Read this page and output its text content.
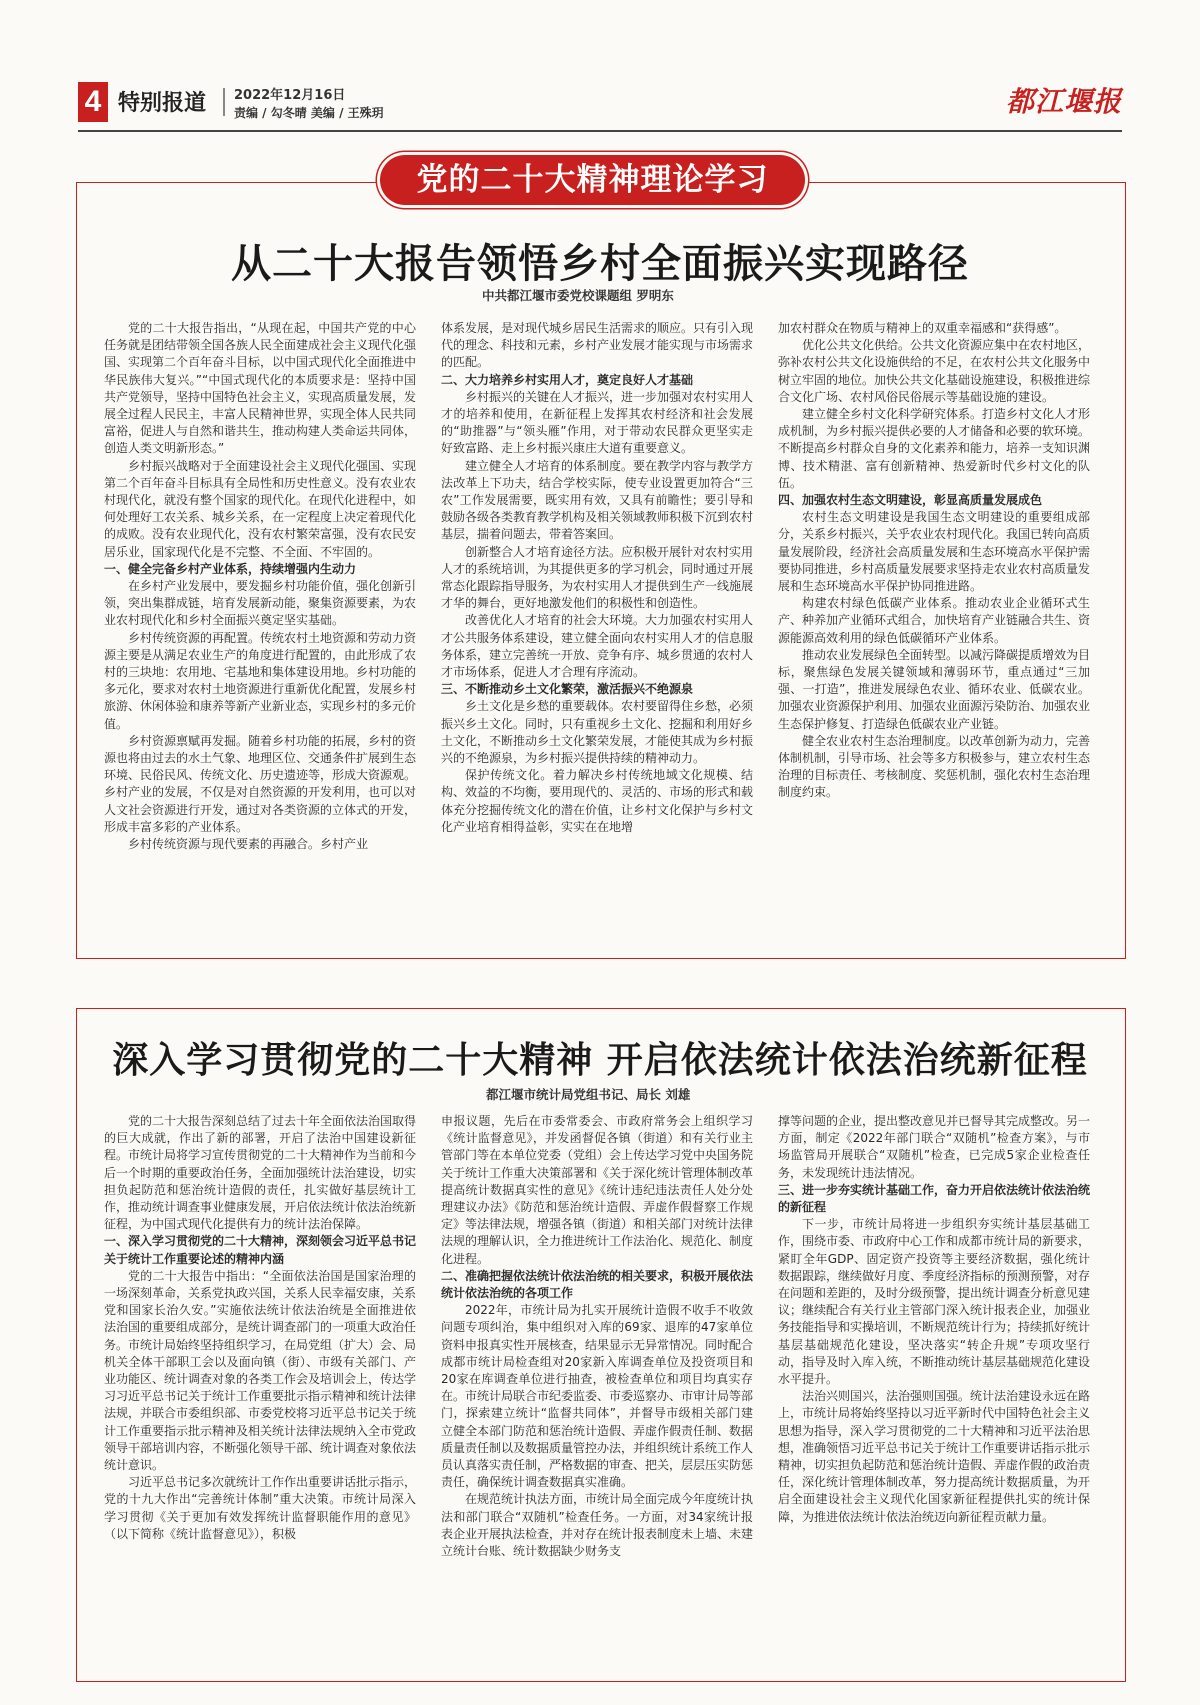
4 特别报道 2022年12月16日
责编 / 勾冬晴 美编 / 王殊玥	都江堰报
党的二十大精神理论学习
从二十大报告领悟乡村全面振兴实现路径
中共都江堰市委党校课题组 罗明东

党的二十大报告指出，“从现在起，中国共产党的中心任务就是团结带领全国各族人民全面建成社会主义现代化强国、实现第二个百年奋斗目标，以中国式现代化全面推进中华民族伟大复兴。”“中国式现代化的本质要求是：坚持中国共产党领导，坚持中国特色社会主义，实现高质量发展，发展全过程人民民主，丰富人民精神世界，实现全体人民共同富裕，促进人与自然和谐共生，推动构建人类命运共同体，创造人类文明新形态。”

乡村振兴战略对于全面建设社会主义现代化强国、实现第二个百年奋斗目标具有全局性和历史性意义。没有农业农村现代化，就没有整个国家的现代化。在现代化进程中，如何处理好工农关系、城乡关系，在一定程度上决定着现代化的成败。没有农业现代化，没有农村繁荣富强，没有农民安居乐业，国家现代化是不完整、不全面、不牢固的。

一、健全完备乡村产业体系，持续增强内生动力

在乡村产业发展中，要发掘乡村功能价值，强化创新引领，突出集群成链，培育发展新动能，聚集资源要素，为农业农村现代化和乡村全面振兴奠定坚实基础。

乡村传统资源的再配置。传统农村土地资源和劳动力资源主要是从满足农业生产的角度进行配置的，由此形成了农村的三块地：农用地、宅基地和集体建设用地。乡村功能的多元化，要求对农村土地资源进行重新优化配置，发展乡村旅游、休闲体验和康养等新产业新业态，实现乡村的多元价值。

乡村资源禀赋再发掘。随着乡村功能的拓展，乡村的资源也将由过去的水土气象、地理区位、交通条件扩展到生态环境、民俗民风、传统文化、历史遗迹等，形成大资源观。乡村产业的发展，不仅是对自然资源的开发利用，也可以对人文社会资源进行开发，通过对各类资源的立体式的开发，形成丰富多彩的产业体系。

乡村传统资源与现代要素的再融合。乡村产业

体系发展，是对现代城乡居民生活需求的顺应。只有引入现代的理念、科技和元素，乡村产业发展才能实现与市场需求的匹配。

二、大力培养乡村实用人才，奠定良好人才基础

乡村振兴的关键在人才振兴，进一步加强对农村实用人才的培养和使用，在新征程上发挥其农村经济和社会发展的“助推器”与“领头雁”作用，对于带动农民群众更坚实走好致富路、走上乡村振兴康庄大道有重要意义。

建立健全人才培育的体系制度。要在教学内容与教学方法改革上下功夫，结合学校实际，使专业设置更加符合“三农”工作发展需要，既实用有效，又具有前瞻性；要引导和鼓励各级各类教育教学机构及相关领域教师积极下沉到农村基层，揣着问题去，带着答案回。

创新整合人才培育途径方法。应积极开展针对农村实用人才的系统培训，为其提供更多的学习机会，同时通过开展常态化跟踪指导服务，为农村实用人才提供到生产一线施展才华的舞台，更好地激发他们的积极性和创造性。

改善优化人才培育的社会大环境。大力加强农村实用人才公共服务体系建设，建立健全面向农村实用人才的信息服务体系，建立完善统一开放、竞争有序、城乡贯通的农村人才市场体系，促进人才合理有序流动。

三、不断推动乡土文化繁荣，激活振兴不绝源泉

乡土文化是乡愁的重要载体。农村要留得住乡愁，必须振兴乡土文化。同时，只有重视乡土文化、挖掘和利用好乡土文化，不断推动乡土文化繁荣发展，才能使其成为乡村振兴的不绝源泉，为乡村振兴提供持续的精神动力。

保护传统文化。着力解决乡村传统地域文化规模、结构、效益的不均衡，要用现代的、灵活的、市场的形式和载体充分挖掘传统文化的潜在价值，让乡村文化保护与乡村文化产业培育相得益彰，实实在在地增

加农村群众在物质与精神上的双重幸福感和“获得感”。

优化公共文化供给。公共文化资源应集中在农村地区，弥补农村公共文化设施供给的不足，在农村公共文化服务中树立牢固的地位。加快公共文化基础设施建设，积极推进综合文化广场、农村风俗民俗展示等基础设施的建设。

建立健全乡村文化科学研究体系。打造乡村文化人才形成机制，为乡村振兴提供必要的人才储备和必要的软环境。不断提高乡村群众自身的文化素养和能力，培养一支知识渊博、技术精湛、富有创新精神、热爱新时代乡村文化的队伍。

四、加强农村生态文明建设，彰显高质量发展成色

农村生态文明建设是我国生态文明建设的重要组成部分，关系乡村振兴，关乎农业农村现代化。我国已转向高质量发展阶段，经济社会高质量发展和生态环境高水平保护需要协同推进，乡村高质量发展要求坚持走农业农村高质量发展和生态环境高水平保护协同推进路。

构建农村绿色低碳产业体系。推动农业企业循环式生产、种养加产业循环式组合，加快培育产业链融合共生、资源能源高效利用的绿色低碳循环产业体系。

推动农业发展绿色全面转型。以减污降碳提质增效为目标，聚焦绿色发展关键领域和薄弱环节，重点通过“三加强、一打造”，推进发展绿色农业、循环农业、低碳农业。加强农业资源保护利用、加强农业面源污染防治、加强农业生态保护修复、打造绿色低碳农业产业链。

健全农业农村生态治理制度。以改革创新为动力，完善体制机制，引导市场、社会等多方积极参与，建立农村生态治理的目标责任、考核制度、奖惩机制，强化农村生态治理制度约束。

深入学习贯彻党的二十大精神 开启依法统计依法治统新征程
都江堰市统计局党组书记、局长 刘雄

党的二十大报告深刻总结了过去十年全面依法治国取得的巨大成就，作出了新的部署，开启了法治中国建设新征程。市统计局将学习宣传贯彻党的二十大精神作为当前和今后一个时期的重要政治任务，全面加强统计法治建设，切实担负起防范和惩治统计造假的责任，扎实做好基层统计工作，推动统计调查事业健康发展，开启依法统计依法治统新征程，为中国式现代化提供有力的统计法治保障。

一、深入学习贯彻党的二十大精神，深刻领会习近平总书记关于统计工作重要论述的精神内涵

党的二十大报告中指出：“全面依法治国是国家治理的一场深刻革命，关系党执政兴国，关系人民幸福安康，关系党和国家长治久安。”实施依法统计依法治统是全面推进依法治国的重要组成部分，是统计调查部门的一项重大政治任务。市统计局始终坚持组织学习，在局党组（扩大）会、局机关全体干部职工会以及面向镇（街）、市级有关部门、产业功能区、统计调查对象的各类工作会及培训会上，传达学习习近平总书记关于统计工作重要批示指示精神和统计法律法规，并联合市委组织部、市委党校将习近平总书记关于统计工作重要指示批示精神及相关统计法律法规纳入全市党政领导干部培训内容，不断强化领导干部、统计调查对象依法统计意识。

习近平总书记多次就统计工作作出重要讲话批示指示，党的十九大作出“完善统计体制”重大决策。市统计局深入学习贯彻《关于更加有效发挥统计监督职能作用的意见》（以下简称《统计监督意见》），积极

申报议题，先后在市委常委会、市政府常务会上组织学习《统计监督意见》，并发函督促各镇（街道）和有关行业主管部门等在本单位党委（党组）会上传达学习党中央国务院关于统计工作重大决策部署和《关于深化统计管理体制改革提高统计数据真实性的意见》《统计违纪违法责任人处分处理建议办法》《防范和惩治统计造假、弄虚作假督察工作规定》等法律法规，增强各镇（街道）和相关部门对统计法律法规的理解认识，全力推进统计工作法治化、规范化、制度化进程。

二、准确把握依法统计依法治统的相关要求，积极开展依法统计依法治统的各项工作

2022年，市统计局为扎实开展统计造假不收手不收敛问题专项纠治，集中组织对入库的69家、退库的47家单位资料申报真实性开展核查，结果显示无异常情况。同时配合成都市统计局检查组对20家新入库调查单位及投资项目和20家在库调查单位进行抽查，被检查单位和项目均真实存在。市统计局联合市纪委监委、市委巡察办、市审计局等部门，探索建立统计“监督共同体”，并督导市级相关部门建立健全本部门防范和惩治统计造假、弄虚作假责任制、数据质量责任制以及数据质量管控办法，并组织统计系统工作人员认真落实责任制，严格数据的审查、把关，层层压实防惩责任，确保统计调查数据真实准确。

在规范统计执法方面，市统计局全面完成今年度统计执法和部门联合“双随机”检查任务。一方面，对34家统计报表企业开展执法检查，并对存在统计报表制度未上墙、未建立统计台账、统计数据缺少财务支

撑等问题的企业，提出整改意见并已督导其完成整改。另一方面，制定《2022年部门联合“双随机”检查方案》，与市场监管局开展联合“双随机”检查，已完成5家企业检查任务，未发现统计违法情况。

三、进一步夯实统计基础工作，奋力开启依法统计依法治统的新征程

下一步，市统计局将进一步组织夯实统计基层基础工作，围绕市委、市政府中心工作和成都市统计局的新要求，紧盯全年GDP、固定资产投资等主要经济数据，强化统计数据跟踪，继续做好月度、季度经济指标的预测预警，对存在问题和差距的，及时分级预警，提出统计调查分析意见建议；继续配合有关行业主管部门深入统计报表企业，加强业务技能指导和实操培训，不断规范统计行为；持续抓好统计基层基础规范化建设，坚决落实“转企升规”专项攻坚行动，指导及时入库入统，不断推动统计基层基础规范化建设水平提升。

法治兴则国兴，法治强则国强。统计法治建设永远在路上，市统计局将始终坚持以习近平新时代中国特色社会主义思想为指导，深入学习贯彻党的二十大精神和习近平法治思想，准确领悟习近平总书记关于统计工作重要讲话指示批示精神，切实担负起防范和惩治统计造假、弄虚作假的政治责任，深化统计管理体制改革，努力提高统计数据质量，为开启全面建设社会主义现代化国家新征程提供扎实的统计保障，为推进依法统计依法治统迈向新征程贡献力量。
